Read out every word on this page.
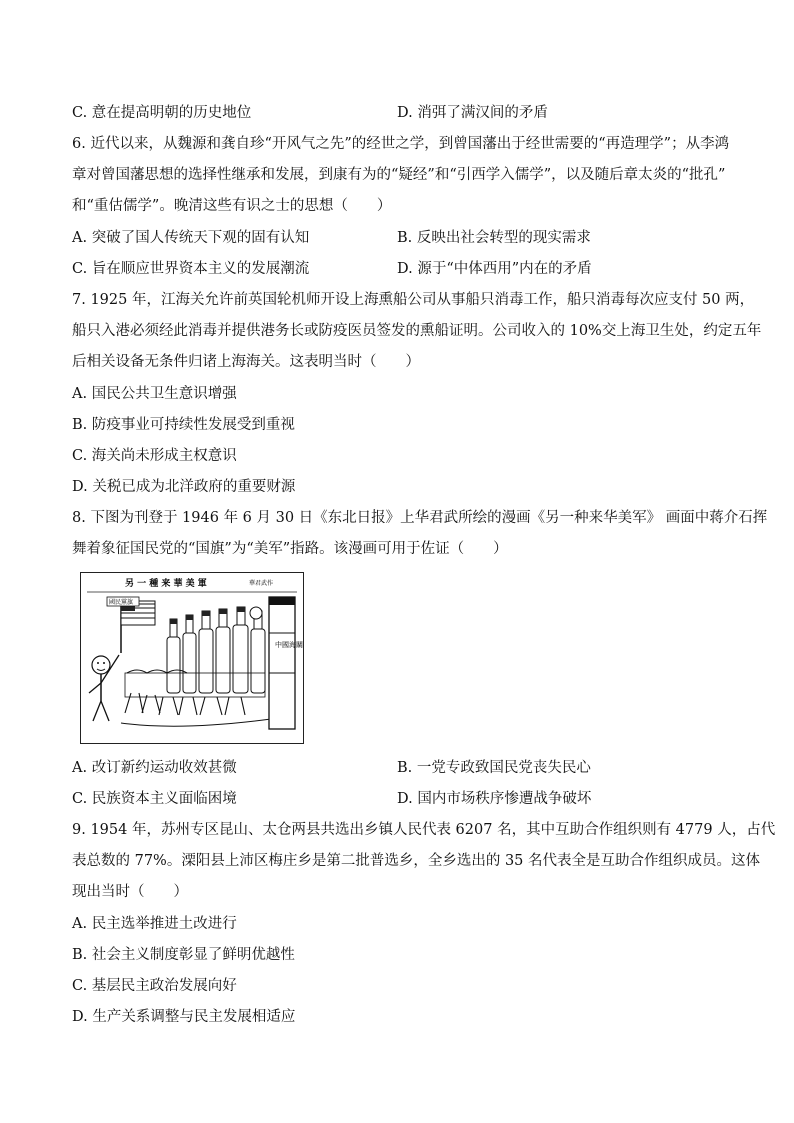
C. 意在提高明朝的历史地位	D. 消弭了满汉间的矛盾
6. 近代以来，从魏源和龚自珍“开风气之先”的经世之学，到曾国藩出于经世需要的“再造理学”；从李鸿
章对曾国藩思想的选择性继承和发展，到康有为的“疑经”和“引西学入儒学”，以及随后章太炎的“批孔”
和“重估儒学”。晚清这些有识之士的思想（　　）
A. 突破了国人传统天下观的固有认知	B. 反映出社会转型的现实需求
C. 旨在顺应世界资本主义的发展潮流	D. 源于“中体西用”内在的矛盾
7. 1925 年，江海关允许前英国轮机师开设上海熏船公司从事船只消毒工作，船只消毒每次应支付 50 两，
船只入港必须经此消毒并提供港务长或防疫医员签发的熏船证明。公司收入的 10%交上海卫生处，约定五年
后相关设备无条件归诸上海海关。这表明当时（　　）
A. 国民公共卫生意识增强
B. 防疫事业可持续性发展受到重视
C. 海关尚未形成主权意识
D. 关税已成为北洋政府的重要财源
8. 下图为刊登于 1946 年 6 月 30 日《东北日报》上华君武所绘的漫画《另一种来华美军》 画面中蒋介石挥
舞着象征国民党的“国旗”为“美军”指路。该漫画可用于佐证（　　）
另 一 種 来 華 美 軍	華君武作
國民黨旗
中國海關
A. 改订新约运动收效甚微	B. 一党专政致国民党丧失民心
C. 民族资本主义面临困境	D. 国内市场秩序惨遭战争破坏
9. 1954 年，苏州专区昆山、太仓两县共选出乡镇人民代表 6207 名，其中互助合作组织则有 4779 人，占代
表总数的 77%。溧阳县上沛区梅庄乡是第二批普选乡，全乡选出的 35 名代表全是互助合作组织成员。这体
现出当时（　　）
A. 民主选举推进土改进行
B. 社会主义制度彰显了鲜明优越性
C. 基层民主政治发展向好
D. 生产关系调整与民主发展相适应
